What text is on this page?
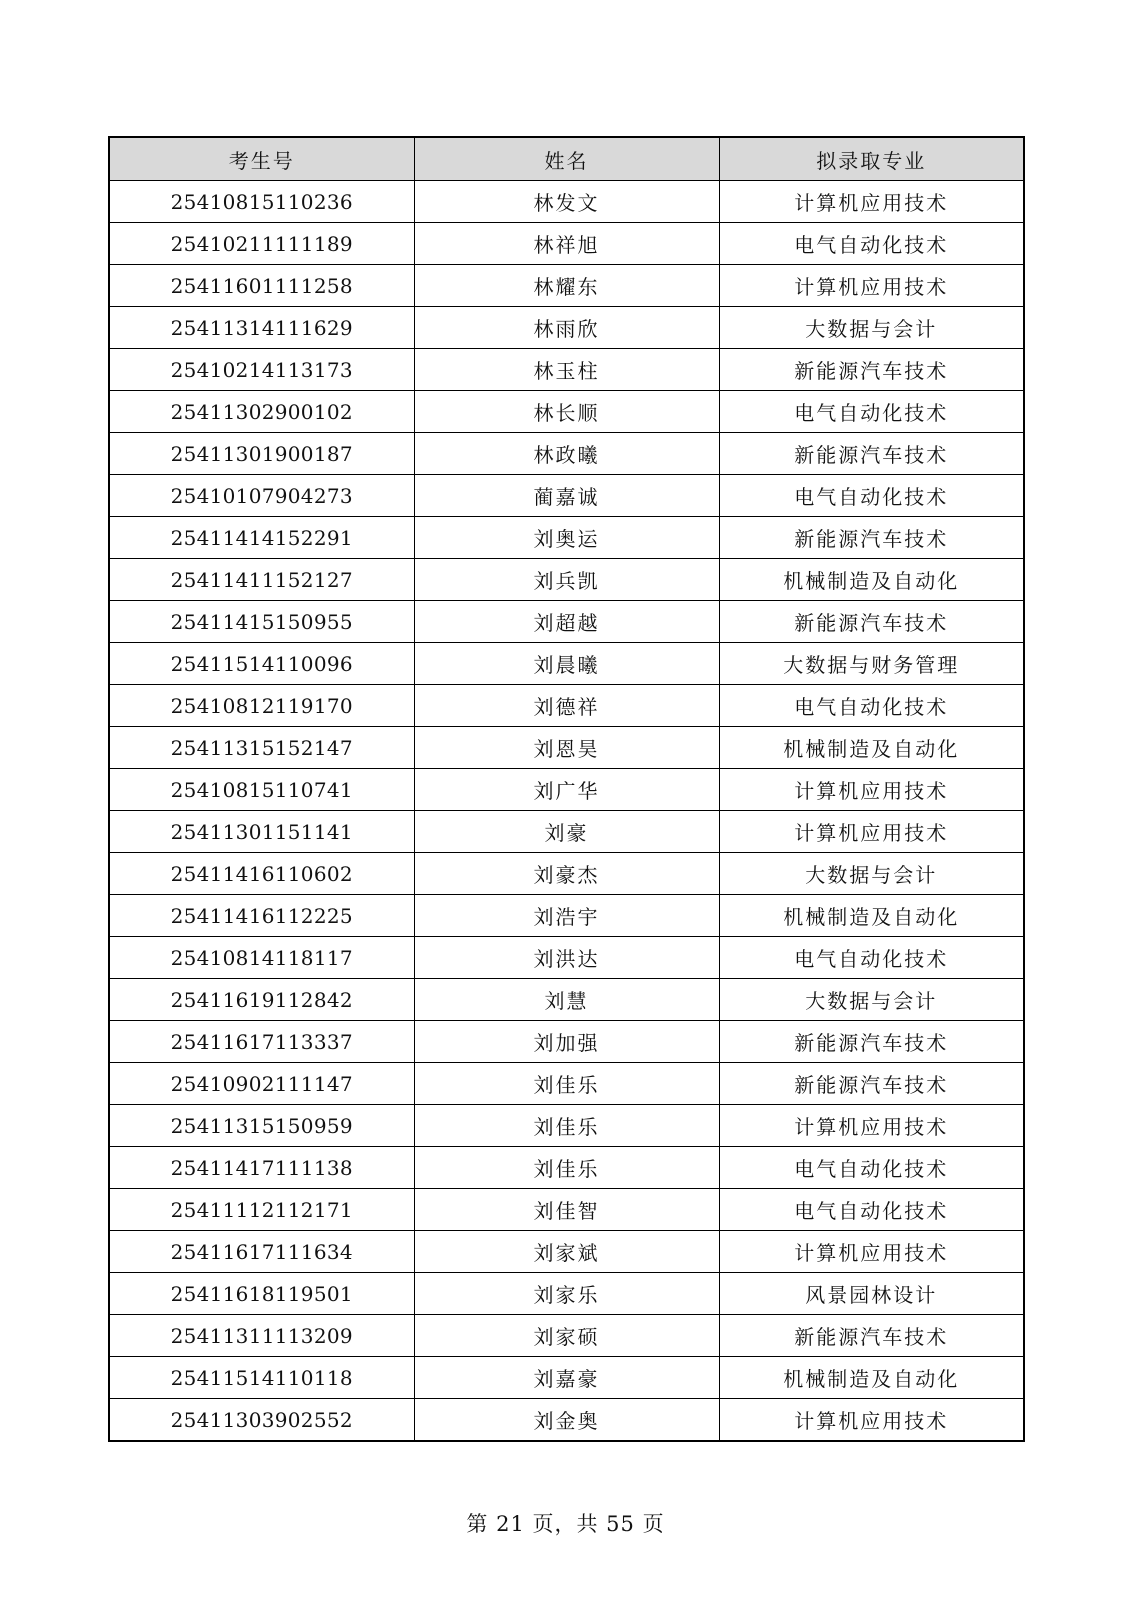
考生号	姓名	拟录取专业
25410815110236	林发文	计算机应用技术
25410211111189	林祥旭	电气自动化技术
25411601111258	林耀东	计算机应用技术
25411314111629	林雨欣	大数据与会计
25410214113173	林玉柱	新能源汽车技术
25411302900102	林长顺	电气自动化技术
25411301900187	林政曦	新能源汽车技术
25410107904273	蔺嘉诚	电气自动化技术
25411414152291	刘奥运	新能源汽车技术
25411411152127	刘兵凯	机械制造及自动化
25411415150955	刘超越	新能源汽车技术
25411514110096	刘晨曦	大数据与财务管理
25410812119170	刘德祥	电气自动化技术
25411315152147	刘恩昊	机械制造及自动化
25410815110741	刘广华	计算机应用技术
25411301151141	刘豪	计算机应用技术
25411416110602	刘豪杰	大数据与会计
25411416112225	刘浩宇	机械制造及自动化
25410814118117	刘洪达	电气自动化技术
25411619112842	刘慧	大数据与会计
25411617113337	刘加强	新能源汽车技术
25410902111147	刘佳乐	新能源汽车技术
25411315150959	刘佳乐	计算机应用技术
25411417111138	刘佳乐	电气自动化技术
25411112112171	刘佳智	电气自动化技术
25411617111634	刘家斌	计算机应用技术
25411618119501	刘家乐	风景园林设计
25411311113209	刘家硕	新能源汽车技术
25411514110118	刘嘉豪	机械制造及自动化
25411303902552	刘金奥	计算机应用技术
第 21 页，共 55 页
